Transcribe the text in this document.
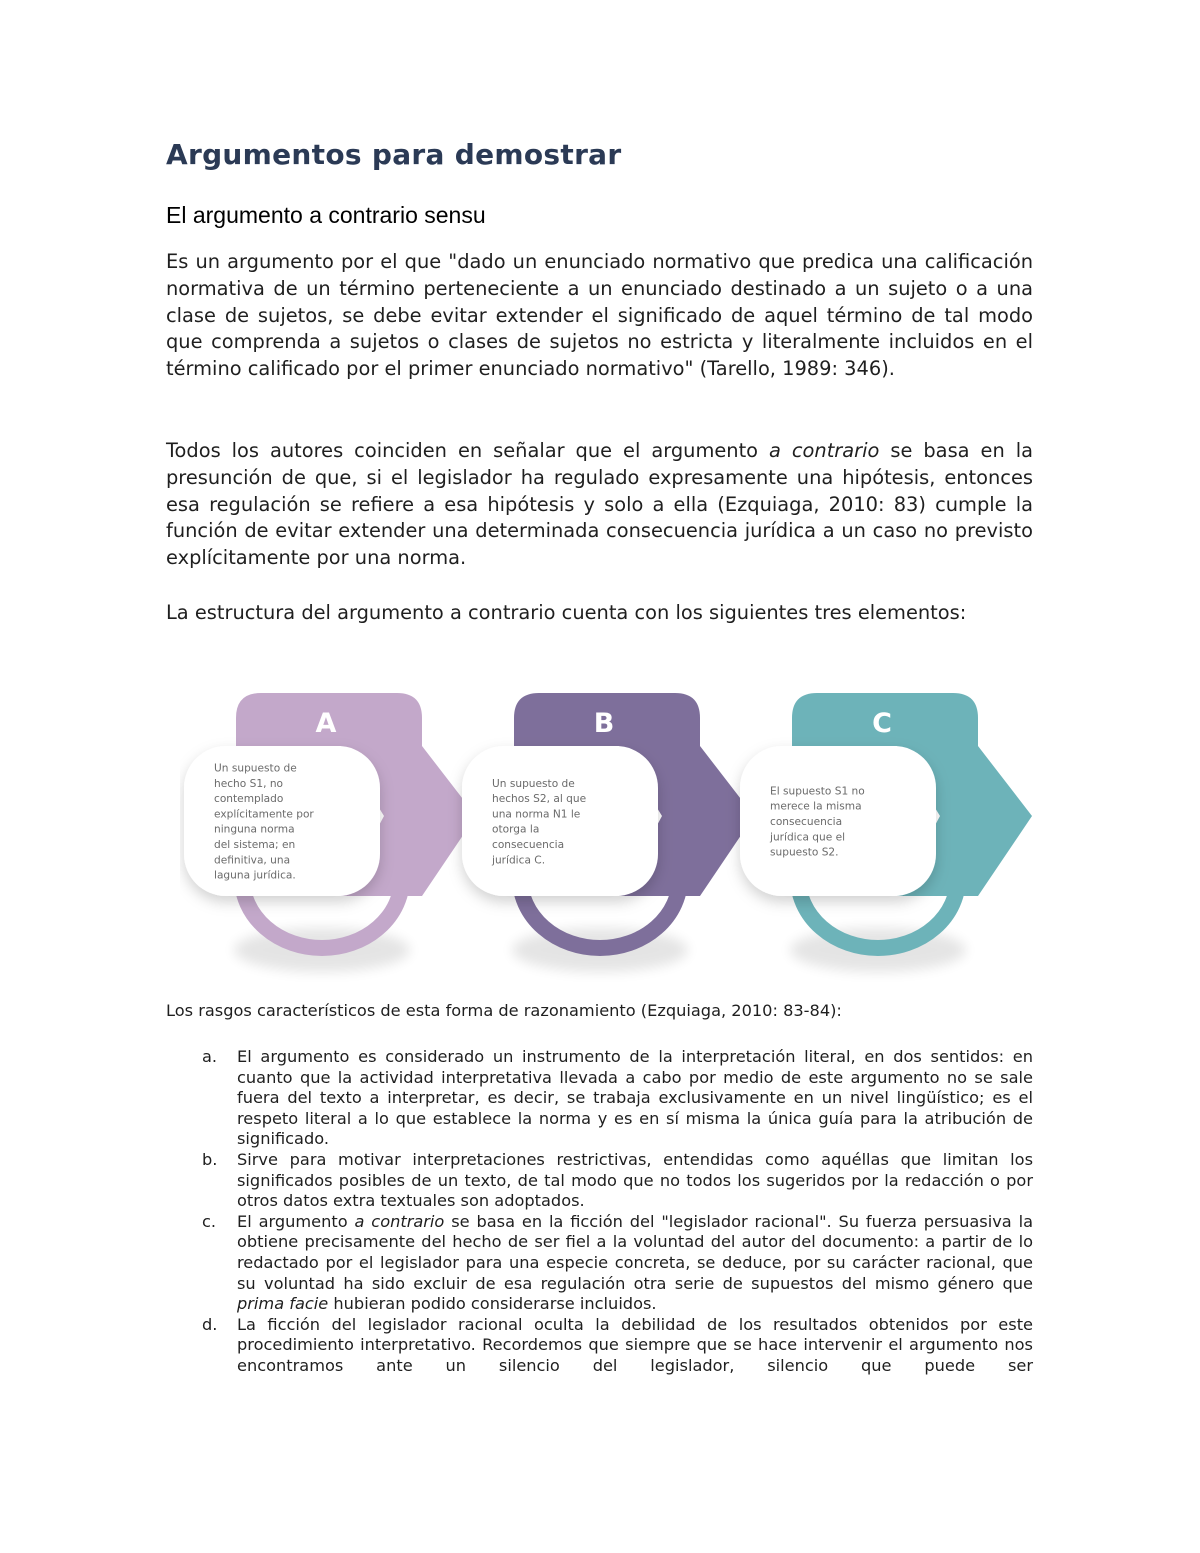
Argumentos para demostrar
El argumento a contrario sensu

Es un argumento por el que "dado un enunciado normativo que predica una calificación normativa de un término perteneciente a un enunciado destinado a un sujeto o a una clase de sujetos, se debe evitar extender el significado de aquel término de tal modo que comprenda a sujetos o clases de sujetos no estricta y literalmente incluidos en el término calificado por el primer enunciado normativo" (Tarello, 1989: 346).

Todos los autores coinciden en señalar que el argumento a contrario se basa en la presunción de que, si el legislador ha regulado expresamente una hipótesis, entonces esa regulación se refiere a esa hipótesis y solo a ella (Ezquiaga, 2010: 83) cumple la función de evitar extender una determinada consecuencia jurídica a un caso no previsto explícitamente por una norma.

La estructura del argumento a contrario cuenta con los siguientes tres elementos:

A
Un supuesto de
hecho S1, no
contemplado
explícitamente por
ninguna norma
del sistema; en
definitiva, una
laguna jurídica.
B
Un supuesto de
hechos S2, al que
una norma N1 le
otorga la
consecuencia
jurídica C.
C
El supuesto S1 no
merece la misma
consecuencia
jurídica que el
supuesto S2.
Los rasgos característicos de esta forma de razonamiento (Ezquiaga, 2010: 83-84):
a. El argumento es considerado un instrumento de la interpretación literal, en dos sentidos: en cuanto que la actividad interpretativa llevada a cabo por medio de este argumento no se sale fuera del texto a interpretar, es decir, se trabaja exclusivamente en un nivel lingüístico; es el respeto literal a lo que establece la norma y es en sí misma la única guía para la atribución de significado.
b. Sirve para motivar interpretaciones restrictivas, entendidas como aquéllas que limitan los significados posibles de un texto, de tal modo que no todos los sugeridos por la redacción o por otros datos extra textuales son adoptados.
c. El argumento a contrario se basa en la ficción del "legislador racional". Su fuerza persuasiva la obtiene precisamente del hecho de ser fiel a la voluntad del autor del documento: a partir de lo redactado por el legislador para una especie concreta, se deduce, por su carácter racional, que su voluntad ha sido excluir de esa regulación otra serie de supuestos del mismo género que prima facie hubieran podido considerarse incluidos.
d. La ficción del legislador racional oculta la debilidad de los resultados obtenidos por este procedimiento interpretativo. Recordemos que siempre que se hace intervenir el argumento nos encontramos ante un silencio del legislador, silencio que puede ser
